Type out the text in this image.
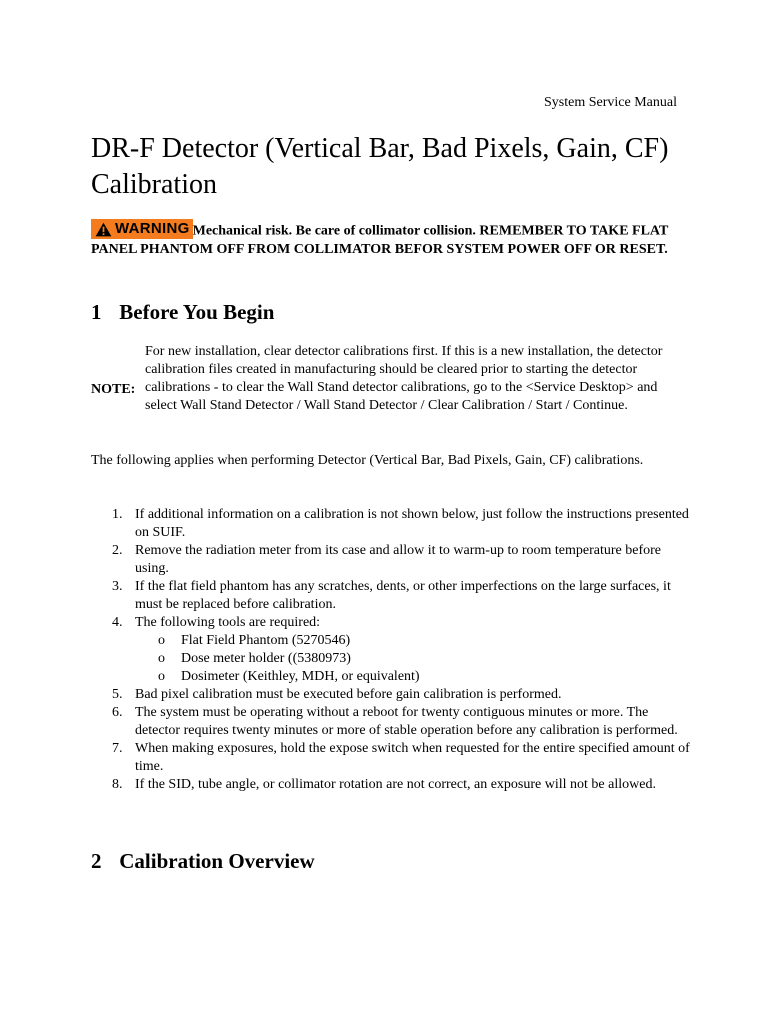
System Service Manual
DR-F Detector (Vertical Bar, Bad Pixels, Gain, CF) Calibration
WARNING Mechanical risk. Be care of collimator collision. REMEMBER TO TAKE FLAT PANEL PHANTOM OFF FROM COLLIMATOR BEFOR SYSTEM POWER OFF OR RESET.
1 Before You Begin
NOTE:
For new installation, clear detector calibrations first. If this is a new installation, the detector calibration files created in manufacturing should be cleared prior to starting the detector calibrations - to clear the Wall Stand detector calibrations, go to the <Service Desktop> and select Wall Stand Detector / Wall Stand Detector / Clear Calibration / Start / Continue.

The following applies when performing Detector (Vertical Bar, Bad Pixels, Gain, CF) calibrations.

1. If additional information on a calibration is not shown below, just follow the instructions presented on SUIF.
2. Remove the radiation meter from its case and allow it to warm-up to room temperature before using.
3. If the flat field phantom has any scratches, dents, or other imperfections on the large surfaces, it must be replaced before calibration.
4. The following tools are required:
o Flat Field Phantom (5270546)
o Dose meter holder ((5380973)
o Dosimeter (Keithley, MDH, or equivalent)
5. Bad pixel calibration must be executed before gain calibration is performed.
6. The system must be operating without a reboot for twenty contiguous minutes or more. The detector requires twenty minutes or more of stable operation before any calibration is performed.
7. When making exposures, hold the expose switch when requested for the entire specified amount of time.
8. If the SID, tube angle, or collimator rotation are not correct, an exposure will not be allowed.
2 Calibration Overview
